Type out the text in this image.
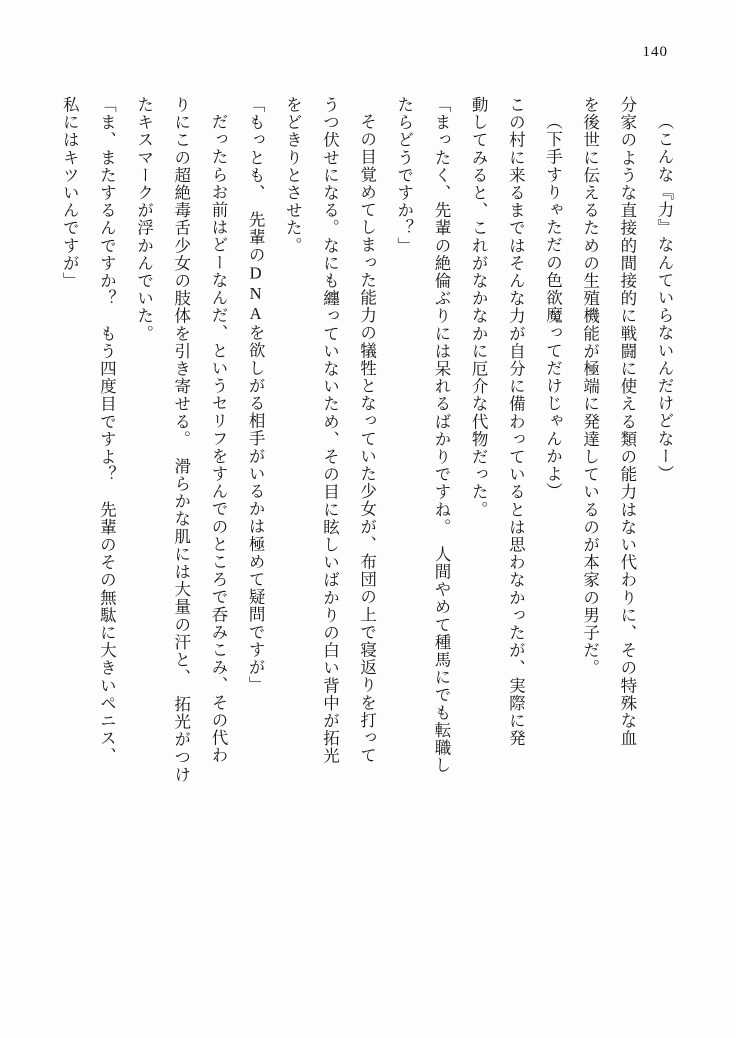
140
（こんな『力』なんていらないんだけどなー）
分家のような直接的間接的に戦闘に使える類の能力はない代わりに、その特殊な血
を後世に伝えるための生殖機能が極端に発達しているのが本家の男子だ。
（下手すりゃただの色欲魔ってだけじゃんかよ）
この村に来るまではそんな力が自分に備わっているとは思わなかったが、実際に発
動してみると、これがなかなかに厄介な代物だった。
「まったく、先輩の絶倫ぶりには呆れるばかりですね。　人間やめて種馬にでも転職し
たらどうですか？」
その目覚めてしまった能力の犠牲となっていた少女が、布団の上で寝返りを打って
うつ伏せになる。なにも纏っていないため、その目に眩しいばかりの白い背中が拓光
をどきりとさせた。
「もっとも、　先輩のDNAを欲しがる相手がいるかは極めて疑問ですが」
だったらお前はどーなんだ、というセリフをすんでのところで呑みこみ、その代わ
りにこの超絶毒舌少女の肢体を引き寄せる。　滑らかな肌には大量の汗と、　拓光がつけ
たキスマークが浮かんでいた。
「ま、またするんですか？　もう四度目ですよ？　先輩のその無駄に大きいペニス、
私にはキツいんですが」
